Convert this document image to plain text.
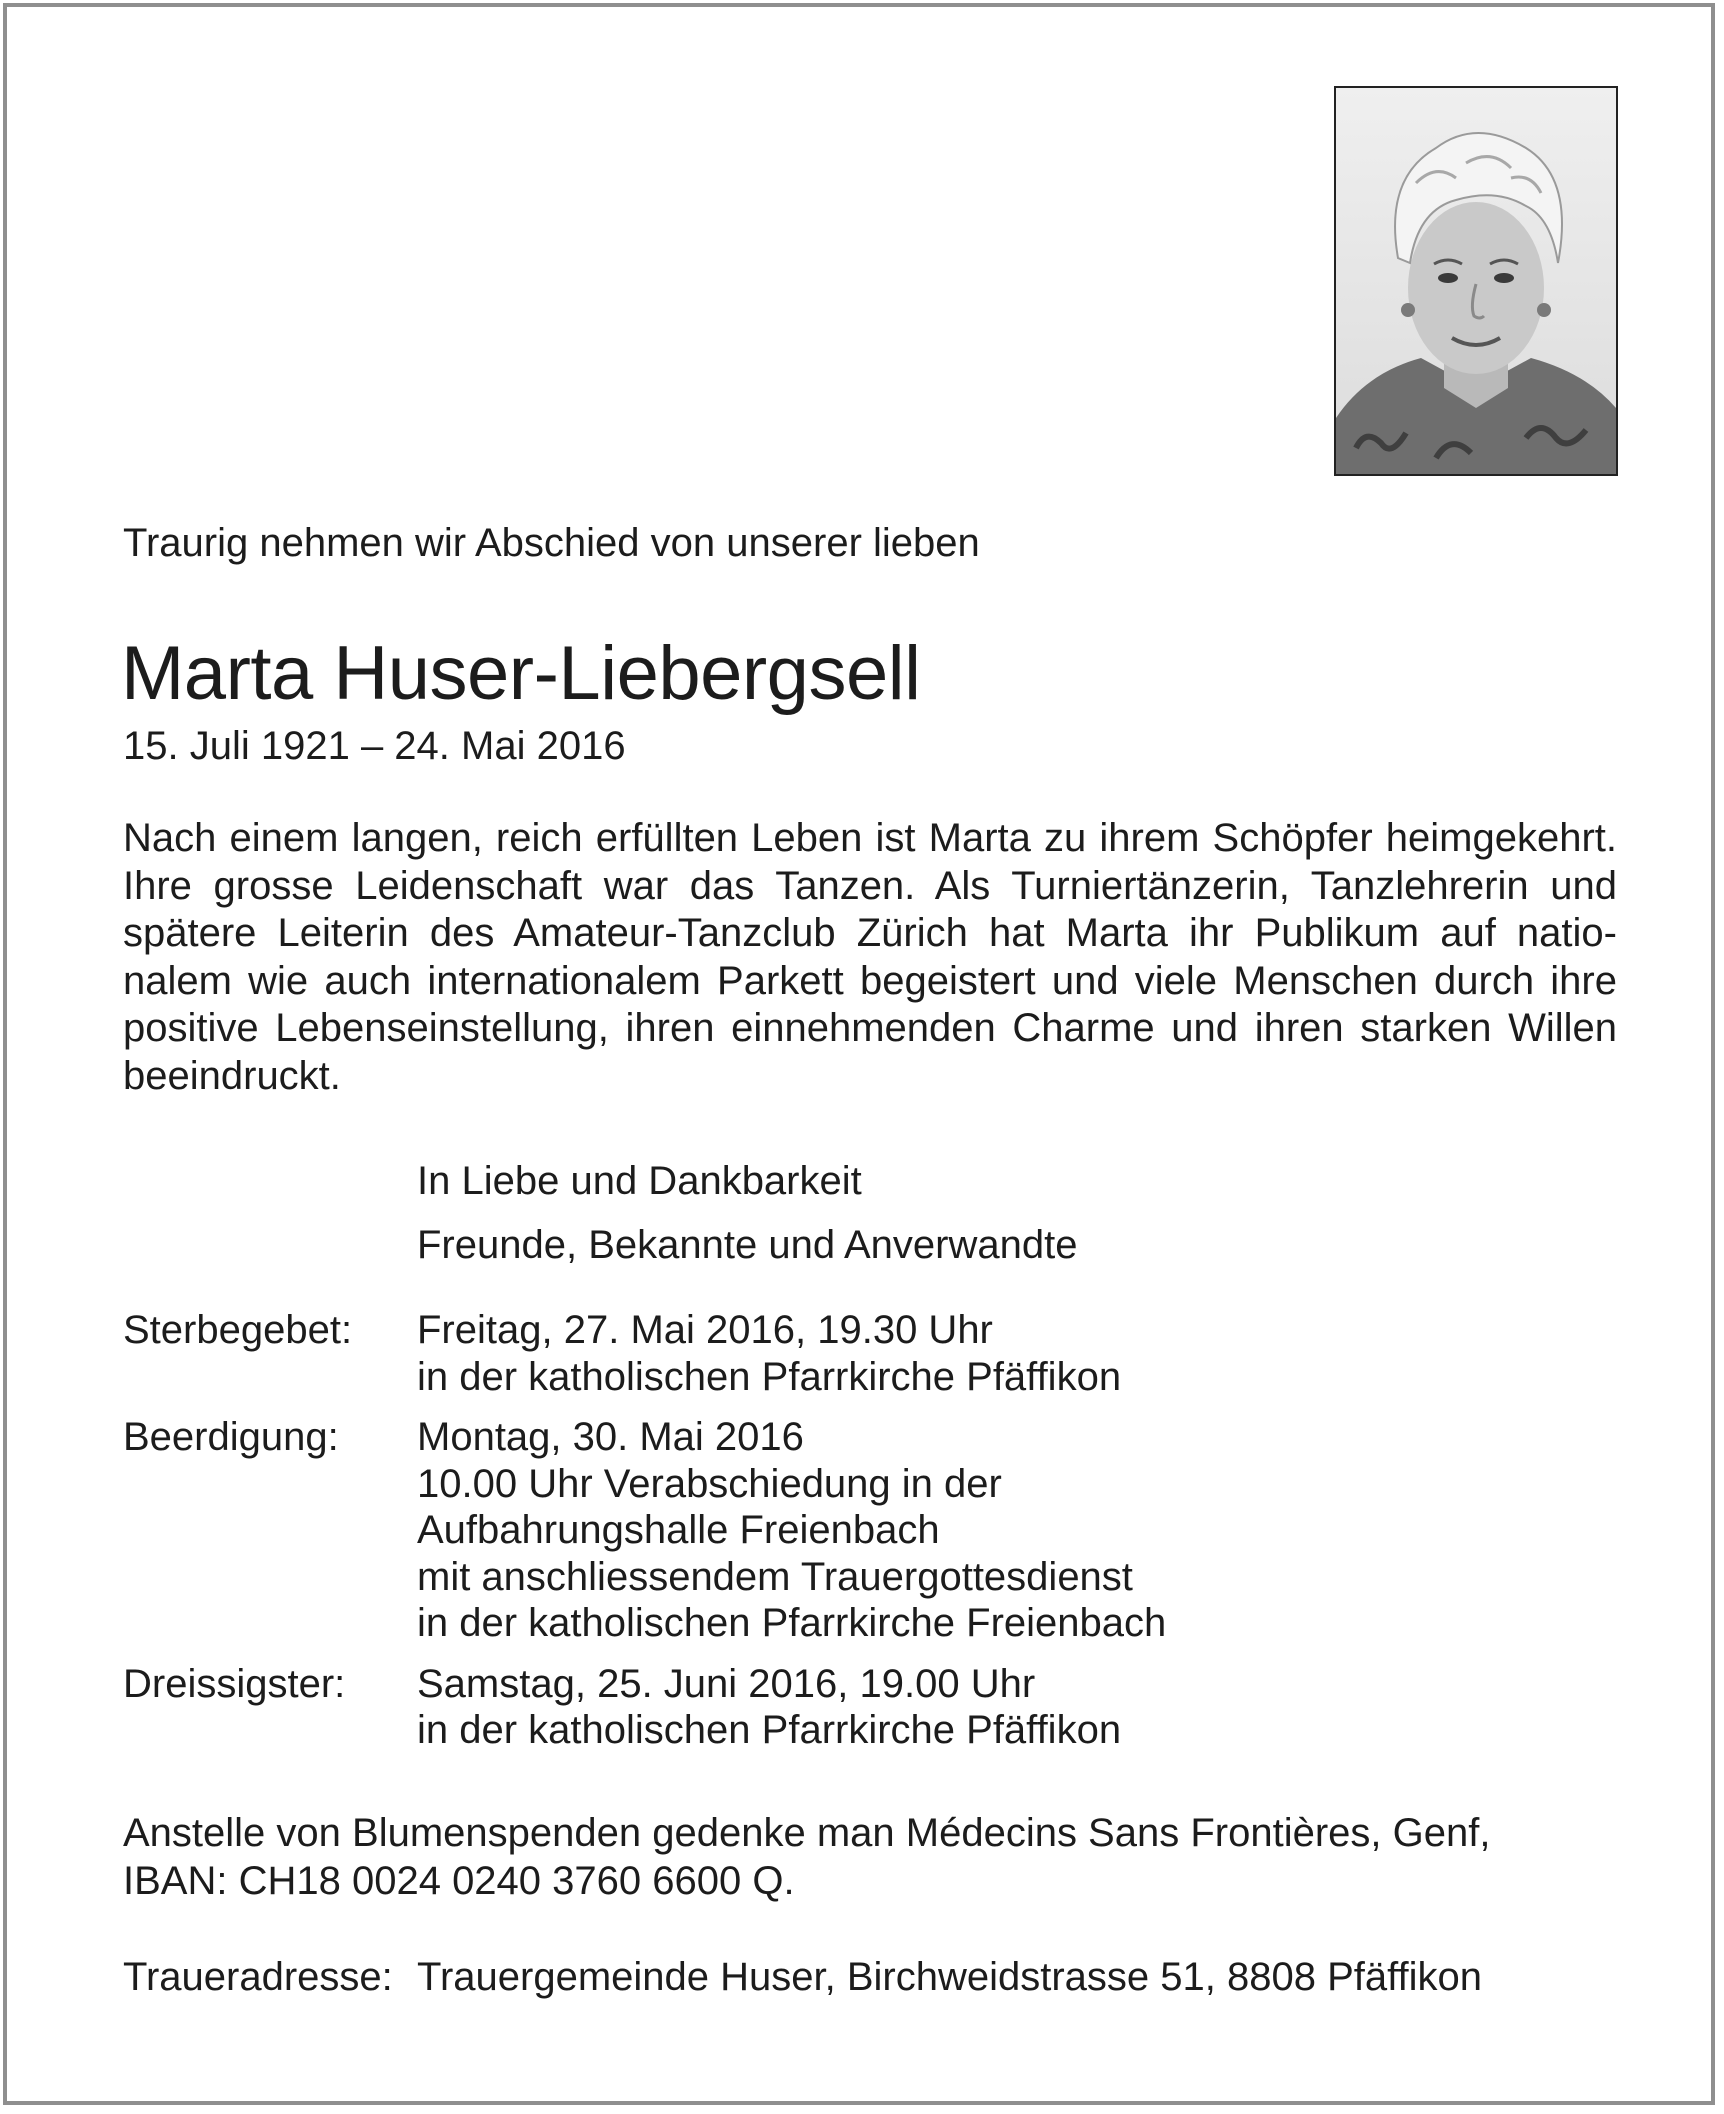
Traurig nehmen wir Abschied von unserer lieben

Marta Huser-Liebergsell

15. Juli 1921 – 24. Mai 2016

Nach einem langen, reich erfüllten Leben ist Marta zu ihrem Schöpfer heimgekehrt.
Ihre grosse Leidenschaft war das Tanzen. Als Turniertänzerin, Tanzlehrerin und
spätere Leiterin des Amateur-Tanzclub Zürich hat Marta ihr Publikum auf natio-
nalem wie auch internationalem Parkett begeistert und viele Menschen durch ihre
positive Lebenseinstellung, ihren einnehmenden Charme und ihren starken Willen
beeindruckt.
In Liebe und Dankbarkeit
Freunde, Bekannte und Anverwandte
Sterbegebet: Freitag, 27. Mai 2016, 19.30 Uhr
in der katholischen Pfarrkirche Pfäffikon
Beerdigung: Montag, 30. Mai 2016
10.00 Uhr Verabschiedung in der
Aufbahrungshalle Freienbach
mit anschliessendem Trauergottesdienst
in der katholischen Pfarrkirche Freienbach
Dreissigster: Samstag, 25. Juni 2016, 19.00 Uhr
in der katholischen Pfarrkirche Pfäffikon
Anstelle von Blumenspenden gedenke man Médecins Sans Frontières, Genf,
IBAN: CH18 0024 0240 3760 6600 Q.
Traueradresse: Trauergemeinde Huser, Birchweidstrasse 51, 8808 Pfäffikon
